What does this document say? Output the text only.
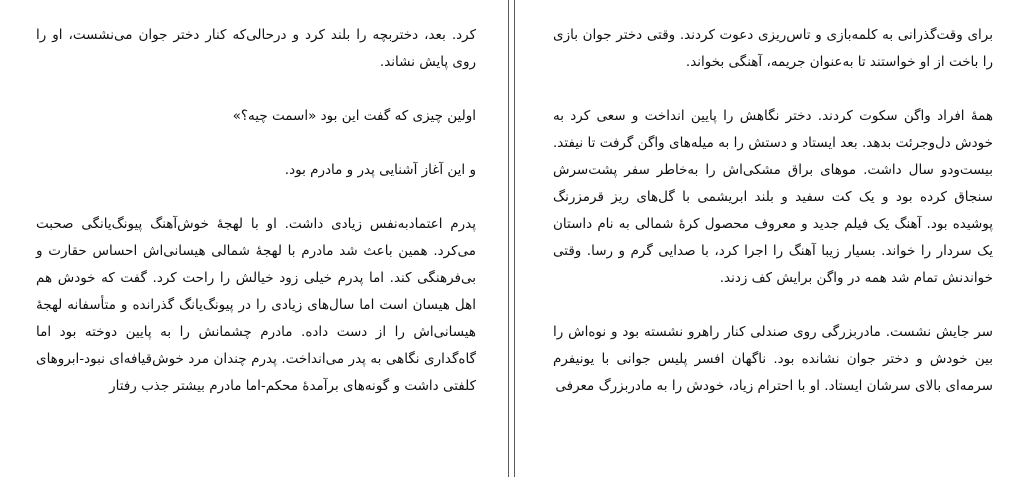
کرد. بعد، دختربچه را بلند کرد و درحالی‌که کنار دختر جوان می‌نشست، او را روی پایش نشاند.

اولین چیزی که گفت این بود «اسمت چیه؟»

و این آغاز آشنایی پدر و مادرم بود.

پدرم اعتمادبه‌نفس زیادی داشت. او با لهجهٔ خوش‌آهنگ پیونگ‌یانگی صحبت می‌کرد. همین باعث شد مادرم با لهجهٔ شمالی هیسانی‌اش احساس حقارت و بی‌فرهنگی کند. اما پدرم خیلی زود خیالش را راحت کرد. گفت که خودش هم اهل هیسان است اما سال‌های زیادی را در پیونگ‌یانگ گذرانده و متأسفانه لهجهٔ هیسانی‌اش را از دست داده. مادرم چشمانش را به پایین دوخته بود اما گاه‌گداری نگاهی به پدر می‌انداخت. پدرم چندان مرد خوش‌قیافه‌ای نبود-ابروهای کلفتی داشت و گونه‌های برآمدهٔ محکم-اما مادرم بیشتر جذب رفتار

برای وقت‌گذرانی به کلمه‌بازی و تاس‌ریزی دعوت کردند. وقتی دختر جوان بازی را باخت از او خواستند تا به‌عنوان جریمه، آهنگی بخواند.

همهٔ افراد واگن سکوت کردند. دختر نگاهش را پایین انداخت و سعی کرد به خودش دل‌وجرئت بدهد. بعد ایستاد و دستش را به میله‌های واگن گرفت تا نیفتد. بیست‌ودو سال داشت. موهای براق مشکی‌اش را به‌خاطر سفر پشت‌سرش سنجاق کرده بود و یک کت سفید و بلند ابریشمی با گل‌های ریز قرمزرنگ پوشیده بود. آهنگ یک فیلم جدید و معروف محصول کرهٔ شمالی به نام داستان یک سردار را خواند. بسیار زیبا آهنگ را اجرا کرد، با صدایی گرم و رسا. وقتی خواندنش تمام شد همه در واگن برایش کف زدند.

سر جایش نشست. مادربزرگی روی صندلی کنار راهرو نشسته بود و نوه‌اش را بین خودش و دختر جوان نشانده بود. ناگهان افسر پلیس جوانی با یونیفرم سرمه‌ای بالای سرشان ایستاد. او با احترام زیاد، خودش را به مادربزرگ معرفی
